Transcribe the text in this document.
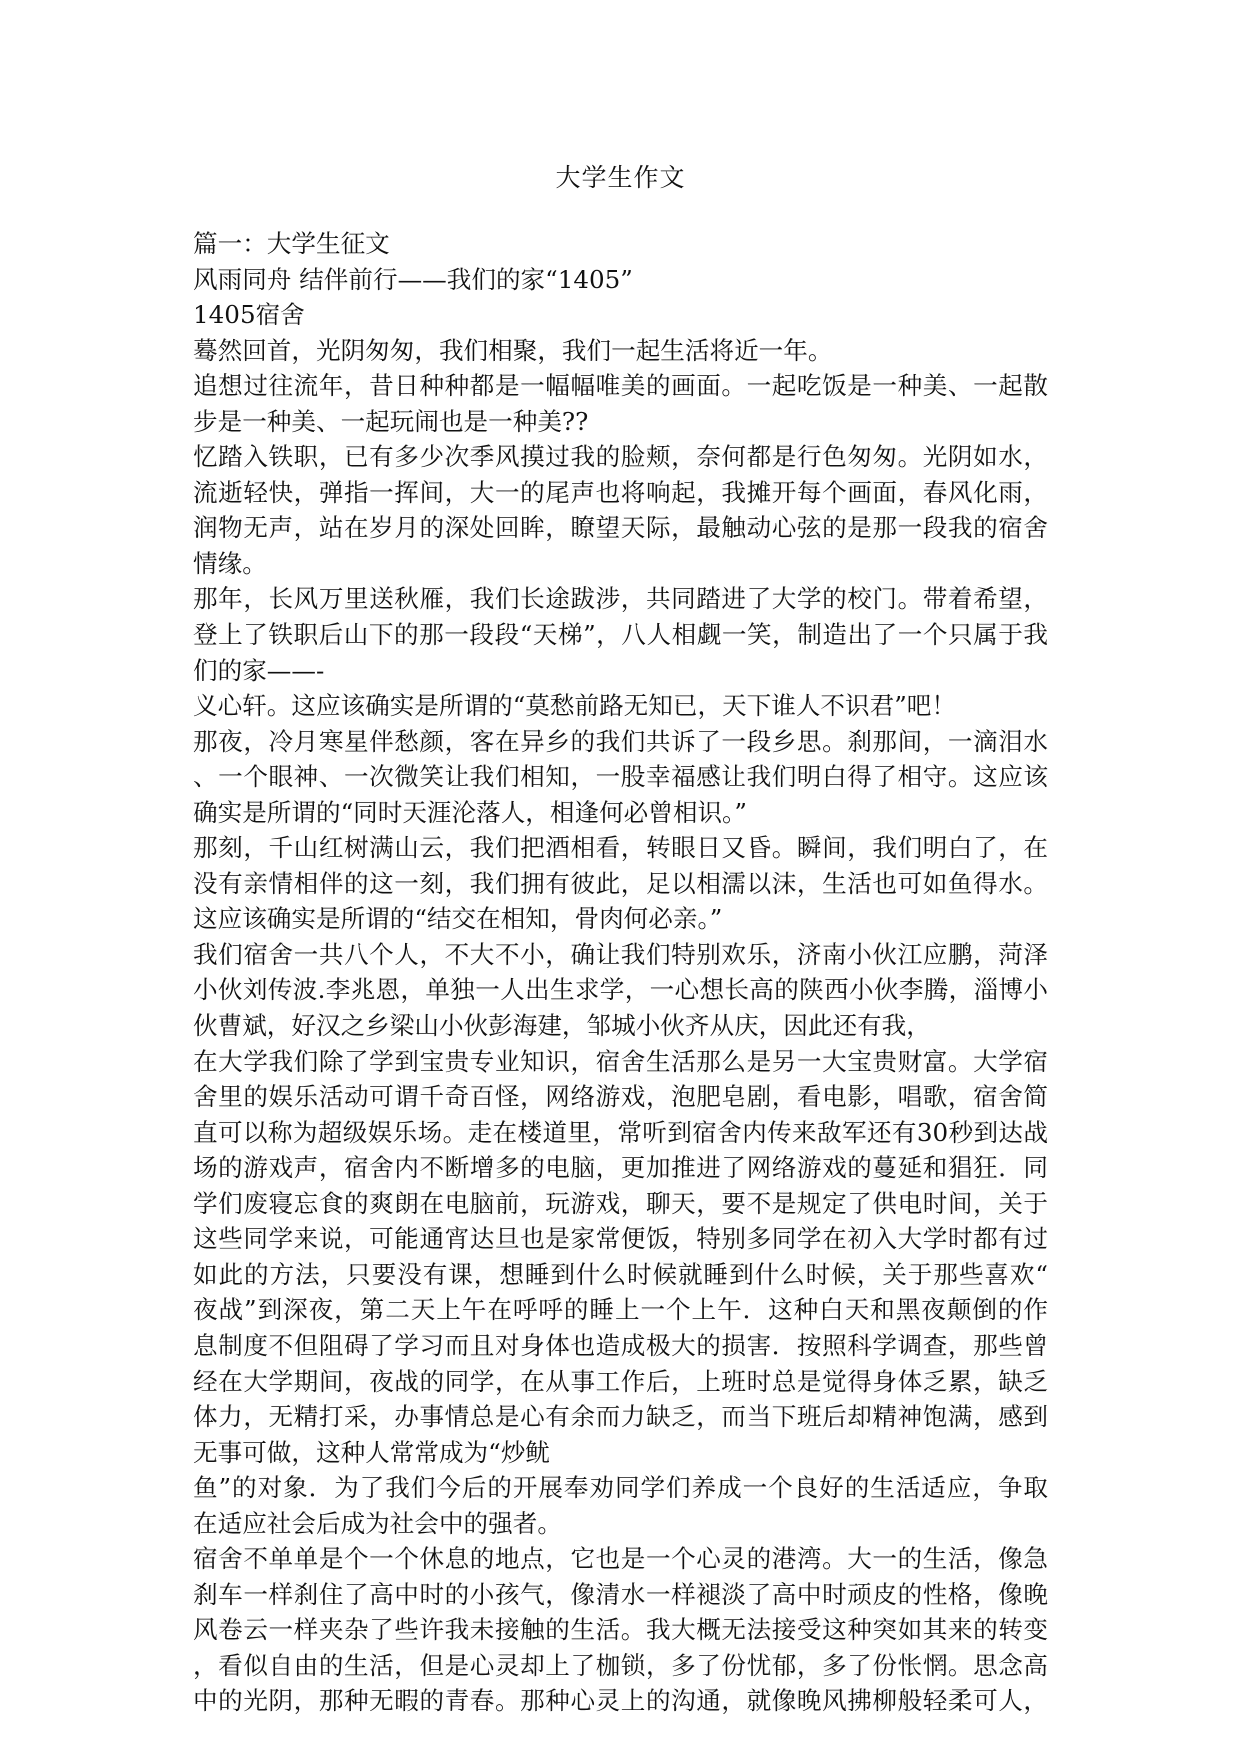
大学生作文
篇一：大学生征文
风雨同舟 结伴前行——我们的家“1405”
1405宿舍
蓦然回首，光阴匆匆，我们相聚，我们一起生活将近一年。
追想过往流年，昔日种种都是一幅幅唯美的画面。一起吃饭是一种美、一起散
步是一种美、一起玩闹也是一种美??
忆踏入铁职，已有多少次季风摸过我的脸颊，奈何都是行色匆匆。光阴如水，
流逝轻快，弹指一挥间，大一的尾声也将响起，我摊开每个画面，春风化雨，
润物无声，站在岁月的深处回眸，瞭望天际，最触动心弦的是那一段我的宿舍
情缘。
那年，长风万里送秋雁，我们长途跋涉，共同踏进了大学的校门。带着希望，
登上了铁职后山下的那一段段“天梯”，八人相觑一笑，制造出了一个只属于我
们的家——-
义心轩。这应该确实是所谓的“莫愁前路无知已，天下谁人不识君”吧！
那夜，冷月寒星伴愁颜，客在异乡的我们共诉了一段乡思。刹那间，一滴泪水
、一个眼神、一次微笑让我们相知，一股幸福感让我们明白得了相守。这应该
确实是所谓的“同时天涯沦落人，相逢何必曾相识。”
那刻，千山红树满山云，我们把酒相看，转眼日又昏。瞬间，我们明白了，在
没有亲情相伴的这一刻，我们拥有彼此，足以相濡以沫，生活也可如鱼得水。
这应该确实是所谓的“结交在相知，骨肉何必亲。”
我们宿舍一共八个人，不大不小，确让我们特别欢乐，济南小伙江应鹏，菏泽
小伙刘传波.李兆恩，单独一人出生求学，一心想长高的陕西小伙李腾，淄博小
伙曹斌，好汉之乡梁山小伙彭海建，邹城小伙齐从庆，因此还有我，
在大学我们除了学到宝贵专业知识，宿舍生活那么是另一大宝贵财富。大学宿
舍里的娱乐活动可谓千奇百怪，网络游戏，泡肥皂剧，看电影，唱歌，宿舍简
直可以称为超级娱乐场。走在楼道里，常听到宿舍内传来敌军还有30秒到达战
场的游戏声，宿舍内不断增多的电脑，更加推进了网络游戏的蔓延和猖狂．同
学们废寝忘食的爽朗在电脑前，玩游戏，聊天，要不是规定了供电时间，关于
这些同学来说，可能通宵达旦也是家常便饭，特别多同学在初入大学时都有过
如此的方法，只要没有课，想睡到什么时候就睡到什么时候，关于那些喜欢“
夜战”到深夜，第二天上午在呼呼的睡上一个上午．这种白天和黑夜颠倒的作
息制度不但阻碍了学习而且对身体也造成极大的损害．按照科学调查，那些曾
经在大学期间，夜战的同学，在从事工作后，上班时总是觉得身体乏累，缺乏
体力，无精打采，办事情总是心有余而力缺乏，而当下班后却精神饱满，感到
无事可做，这种人常常成为“炒鱿
鱼”的对象．为了我们今后的开展奉劝同学们养成一个良好的生活适应，争取
在适应社会后成为社会中的强者。
宿舍不单单是个一个休息的地点，它也是一个心灵的港湾。大一的生活，像急
刹车一样刹住了高中时的小孩气，像清水一样褪淡了高中时顽皮的性格，像晚
风卷云一样夹杂了些许我未接触的生活。我大概无法接受这种突如其来的转变
，看似自由的生活，但是心灵却上了枷锁，多了份忧郁，多了份怅惘。思念高
中的光阴，那种无暇的青春。那种心灵上的沟通，就像晚风拂柳般轻柔可人，
